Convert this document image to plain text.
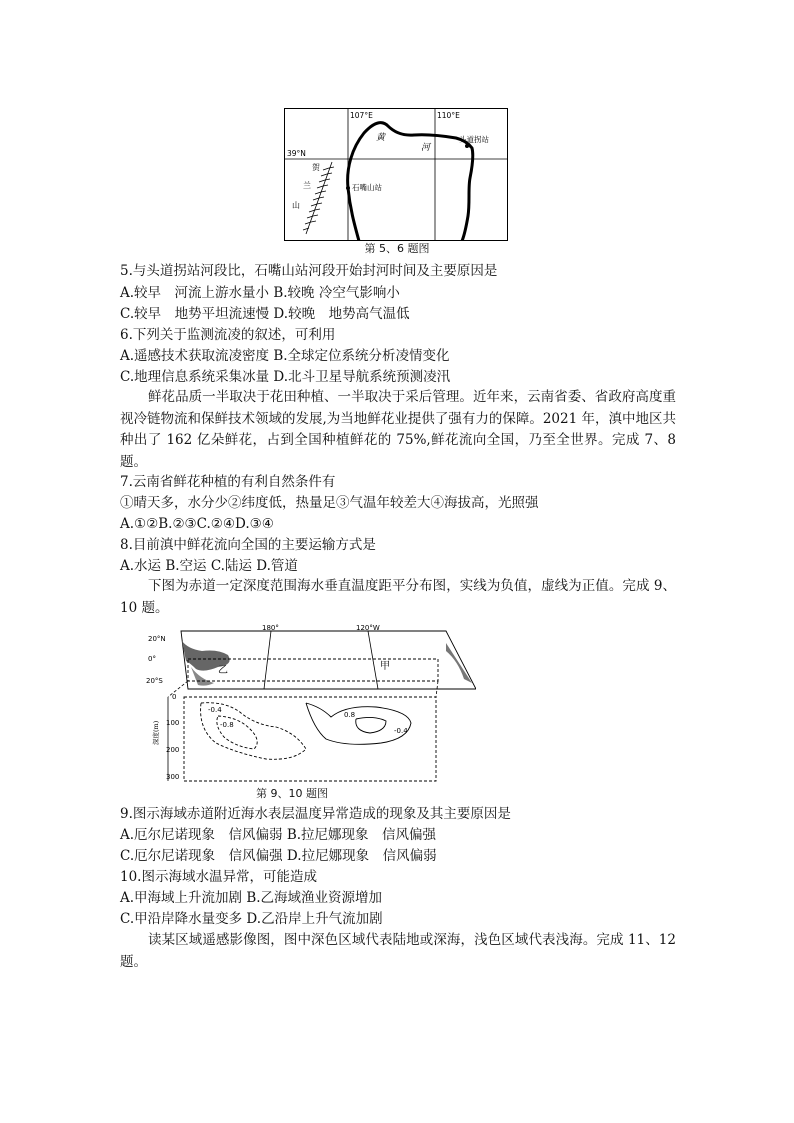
107°E	110°E
39°N
黄
河
头道拐站
石嘴山站
贺
兰
山
第 5、6 题图
5.与头道拐站河段比，石嘴山站河段开始封河时间及主要原因是
A.较早　河流上游水量小 B.较晚 冷空气影响小
C.较早　地势平坦流速慢 D.较晚　地势高气温低
6.下列关于监测流凌的叙述，可利用
A.遥感技术获取流凌密度 B.全球定位系统分析凌情变化
C.地理信息系统采集冰量 D.北斗卫星导航系统预测凌汛
鲜花品质一半取决于花田种植、一半取决于采后管理。近年来，云南省委、省政府高度重视冷链物流和保鲜技术领域的发展,为当地鲜花业提供了强有力的保障。2021 年，滇中地区共种出了 162 亿朵鲜花，占到全国种植鲜花的 75%,鲜花流向全国，乃至全世界。完成 7、8 题。
7.云南省鲜花种植的有利自然条件有
①晴天多，水分少②纬度低，热量足③气温年较差大④海拔高，光照强
A.①②B.②③C.②④D.③④
8.目前滇中鲜花流向全国的主要运输方式是
A.水运 B.空运 C.陆运 D.管道
下图为赤道一定深度范围海水垂直温度距平分布图，实线为负值，虚线为正值。完成 9、10 题。
20°N
0°
20°S
180°	120°W
乙	甲
0
100
200
300
深度(m)
-0.4
-0.8
0.8
-0.4
第 9、10 题图
9.图示海域赤道附近海水表层温度异常造成的现象及其主要原因是
A.厄尔尼诺现象　信风偏弱 B.拉尼娜现象　信风偏强
C.厄尔尼诺现象　信风偏强 D.拉尼娜现象　信风偏弱
10.图示海域水温异常，可能造成
A.甲海域上升流加剧 B.乙海域渔业资源增加
C.甲沿岸降水量变多 D.乙沿岸上升气流加剧
读某区域遥感影像图，图中深色区域代表陆地或深海，浅色区域代表浅海。完成 11、12 题。
